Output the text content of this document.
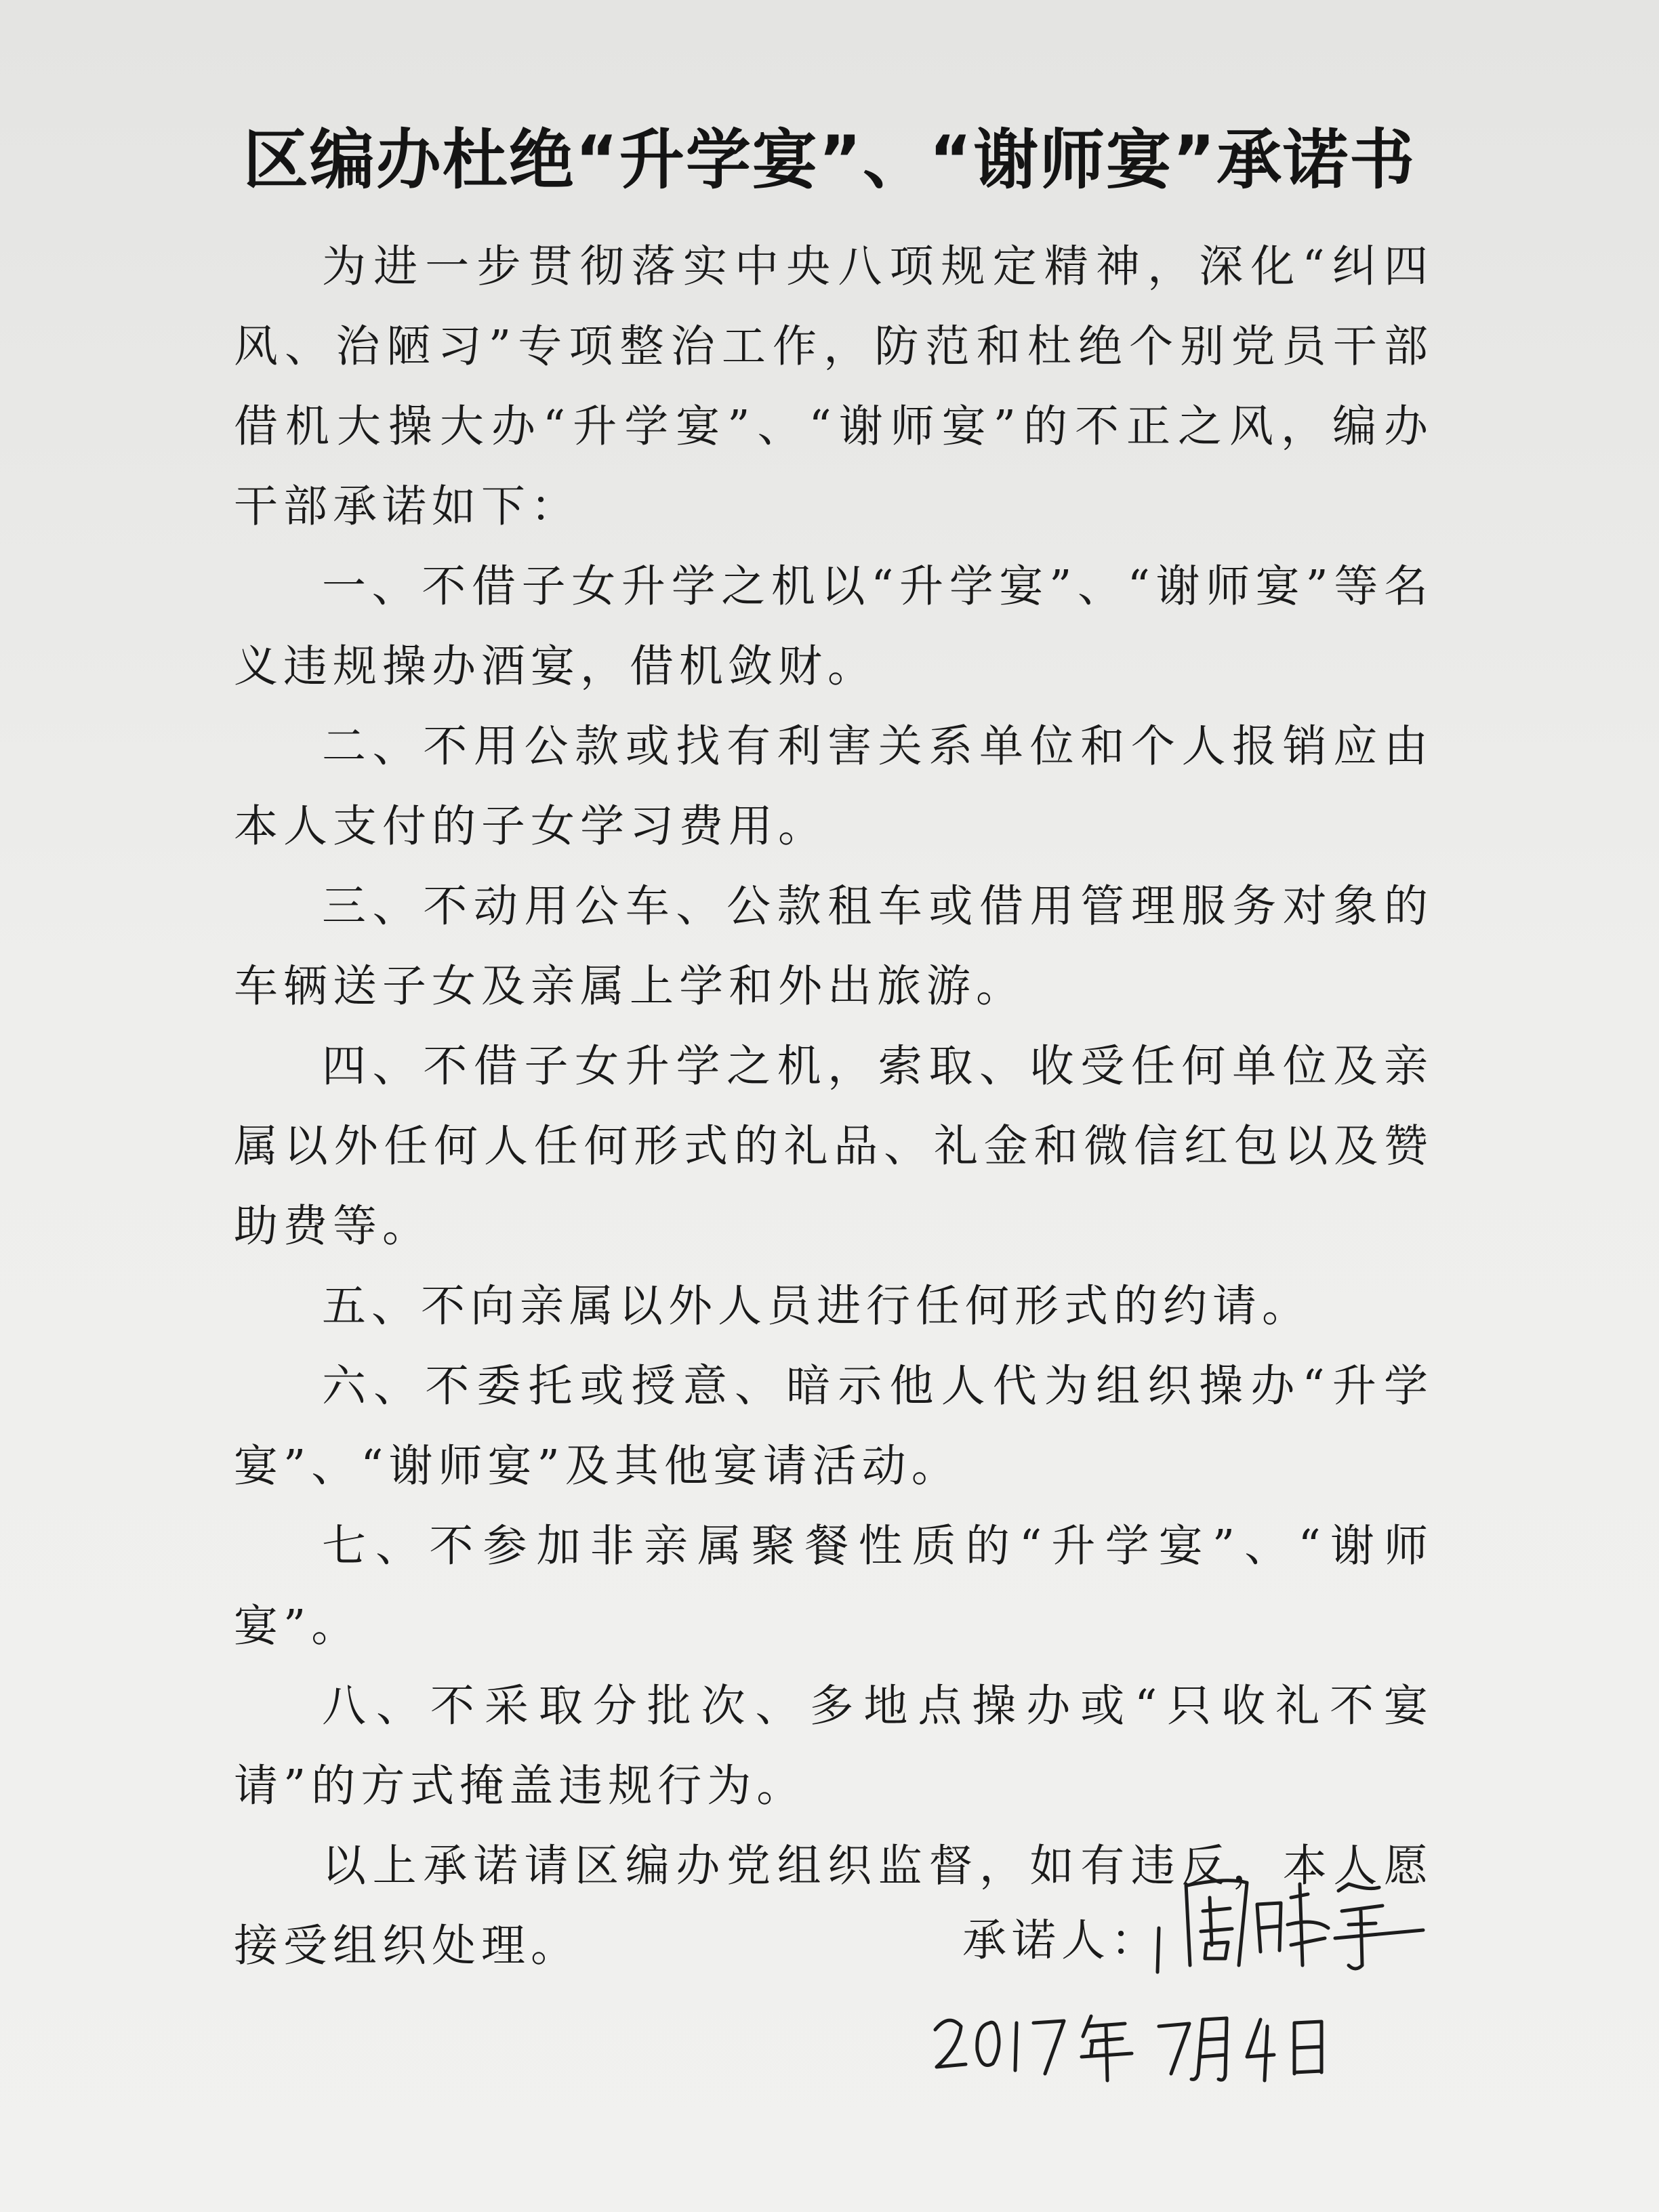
区编办杜绝“升学宴”、“谢师宴”承诺书

为进一步贯彻落实中央八项规定精神，深化“纠四风、治陋习”专项整治工作，防范和杜绝个别党员干部借机大操大办“升学宴”、“谢师宴”的不正之风，编办干部承诺如下：

一、不借子女升学之机以“升学宴”、“谢师宴”等名义违规操办酒宴，借机敛财。

二、不用公款或找有利害关系单位和个人报销应由本人支付的子女学习费用。

三、不动用公车、公款租车或借用管理服务对象的车辆送子女及亲属上学和外出旅游。

四、不借子女升学之机，索取、收受任何单位及亲属以外任何人任何形式的礼品、礼金和微信红包以及赞助费等。

五、不向亲属以外人员进行任何形式的约请。

六、不委托或授意、暗示他人代为组织操办“升学宴”、“谢师宴”及其他宴请活动。

七、不参加非亲属聚餐性质的“升学宴”、“谢师宴”。

八、不采取分批次、多地点操办或“只收礼不宴请”的方式掩盖违规行为。

以上承诺请区编办党组织监督，如有违反，本人愿接受组织处理。	承诺人：
